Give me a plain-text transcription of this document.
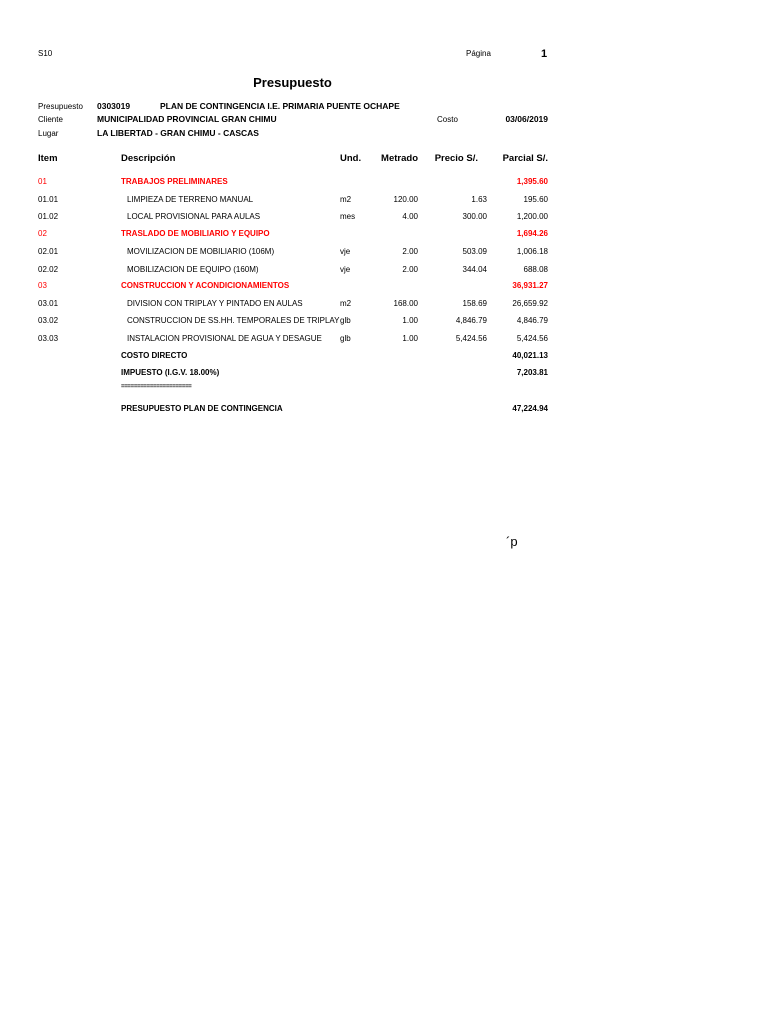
S10	Página	1
Presupuesto
Presupuesto 0303019	PLAN DE CONTINGENCIA I.E. PRIMARIA PUENTE OCHAPE
Cliente	MUNICIPALIDAD PROVINCIAL GRAN CHIMU	Costo	03/06/2019
Lugar	LA LIBERTAD - GRAN CHIMU - CASCAS
Item	Descripción	Und.	Metrado	Precio S/.	Parcial S/.
01	TRABAJOS PRELIMINARES	1,395.60
01.01	LIMPIEZA DE TERRENO MANUAL	m2	120.00	1.63	195.60
01.02	LOCAL PROVISIONAL PARA AULAS	mes	4.00	300.00	1,200.00
02	TRASLADO DE MOBILIARIO Y EQUIPO	1,694.26
02.01	MOVILIZACION DE MOBILIARIO (106M)	vje	2.00	503.09	1,006.18
02.02	MOBILIZACION DE EQUIPO (160M)	vje	2.00	344.04	688.08
03	CONSTRUCCION Y ACONDICIONAMIENTOS	36,931.27
03.01	DIVISION CON TRIPLAY Y PINTADO EN AULAS	m2	168.00	158.69	26,659.92
03.02	CONSTRUCCION DE SS.HH. TEMPORALES DE TRIPLAY glb	1.00	4,846.79	4,846.79
03.03	INSTALACION PROVISIONAL DE AGUA Y DESAGUE glb	1.00	5,424.56	5,424.56
COSTO DIRECTO	40,021.13
IMPUESTO (I.G.V. 18.00%)	7,203.81
======================
PRESUPUESTO PLAN DE CONTINGENCIA	47,224.94
´p
